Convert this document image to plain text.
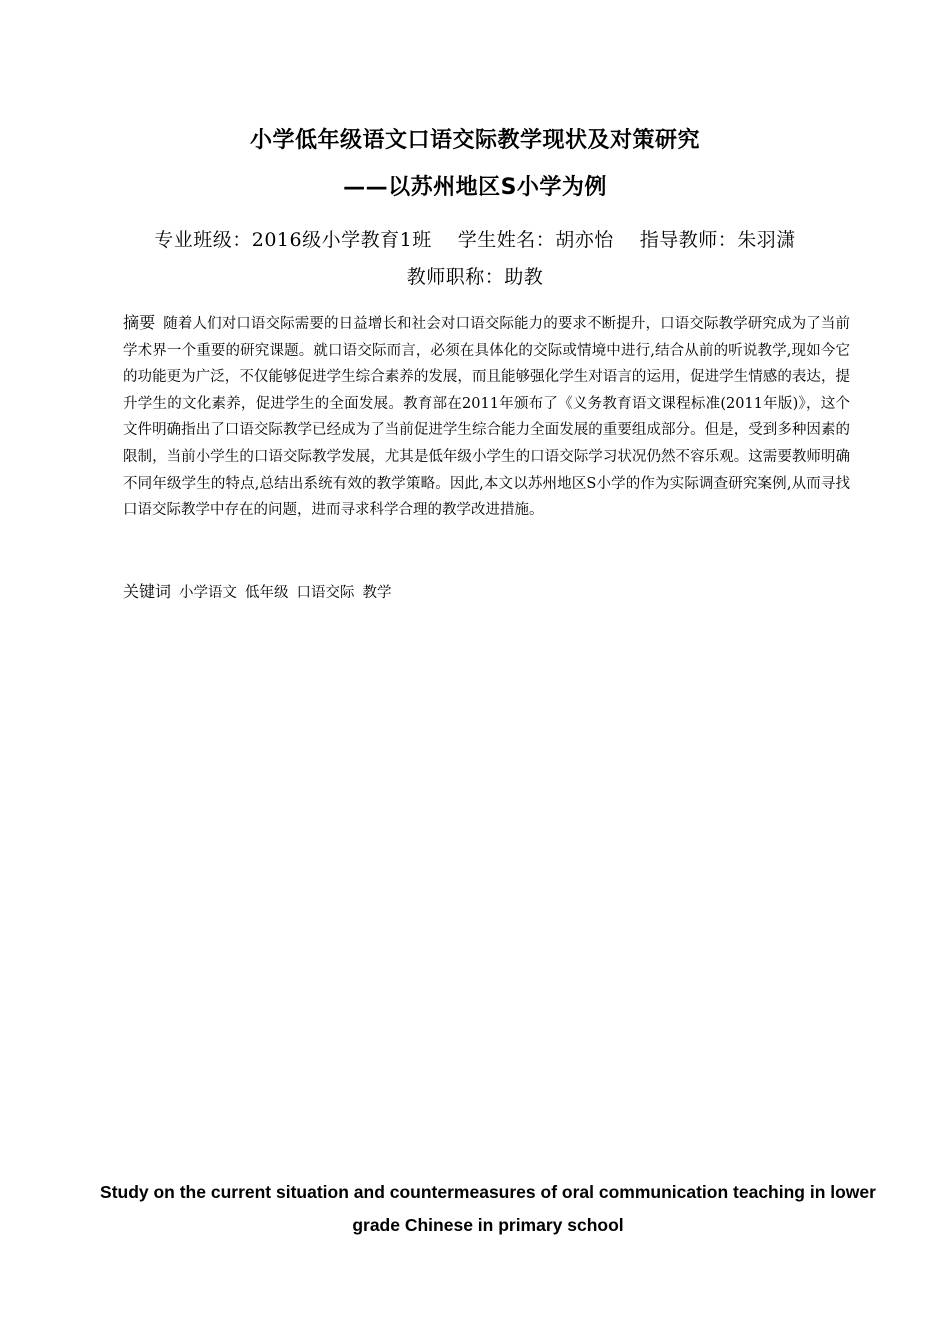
小学低年级语文口语交际教学现状及对策研究
——以苏州地区S小学为例
专业班级：2016级小学教育1班 学生姓名：胡亦怡 指导教师：朱羽潇
教师职称：助教
摘要 随着人们对口语交际需要的日益增长和社会对口语交际能力的要求不断提升，口语交际教学研究成为了当前学术界一个重要的研究课题。就口语交际而言，必须在具体化的交际或情境中进行,结合从前的听说教学,现如今它的功能更为广泛，不仅能够促进学生综合素养的发展，而且能够强化学生对语言的运用，促进学生情感的表达，提升学生的文化素养，促进学生的全面发展。教育部在2011年颁布了《义务教育语文课程标准(2011年版)》，这个文件明确指出了口语交际教学已经成为了当前促进学生综合能力全面发展的重要组成部分。但是，受到多种因素的限制，当前小学生的口语交际教学发展，尤其是低年级小学生的口语交际学习状况仍然不容乐观。这需要教师明确不同年级学生的特点,总结出系统有效的教学策略。因此,本文以苏州地区S小学的作为实际调查研究案例,从而寻找口语交际教学中存在的问题，进而寻求科学合理的教学改进措施。
关键词 小学语文 低年级 口语交际 教学
Study on the current situation and countermeasures of oral communication teaching in lower grade Chinese in primary school
